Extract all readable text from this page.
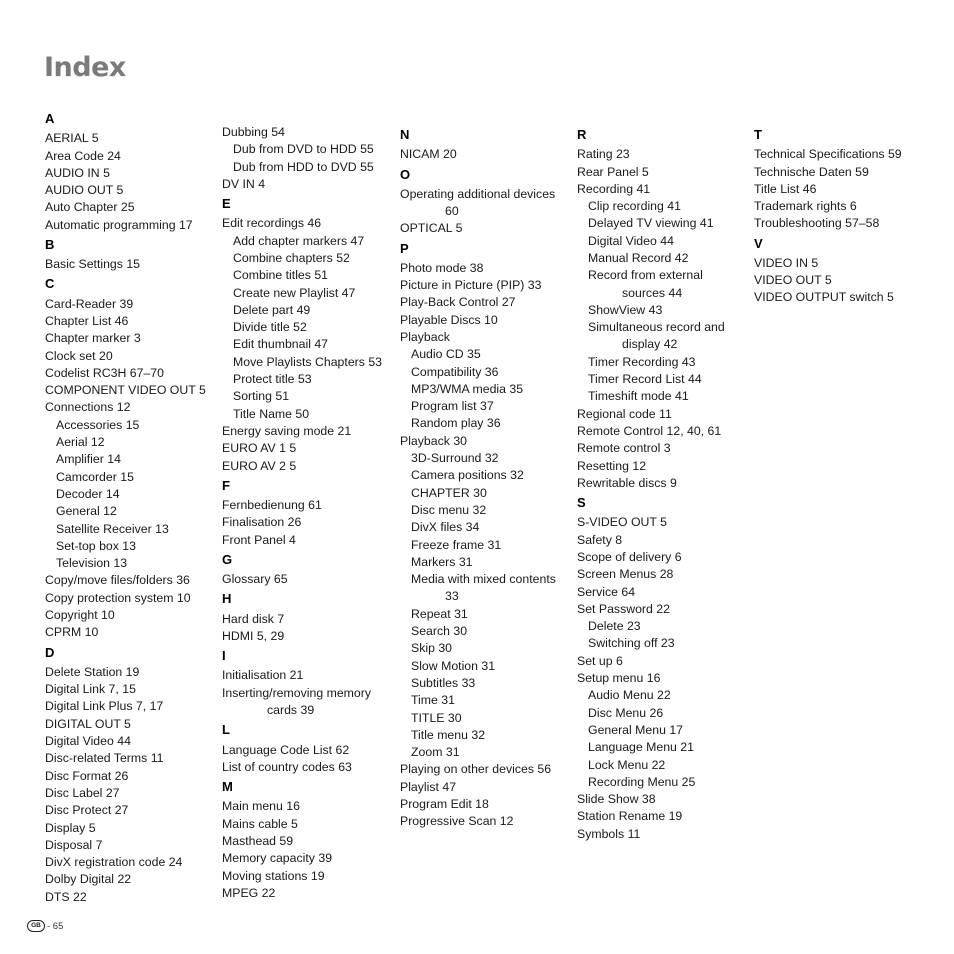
Index
A
AERIAL 5
Area Code 24
AUDIO IN 5
AUDIO OUT 5
Auto Chapter 25
Automatic programming 17
B
Basic Settings 15
C
Card-Reader 39
Chapter List 46
Chapter marker 3
Clock set 20
Codelist RC3H 67–70
COMPONENT VIDEO OUT 5
Connections 12
Accessories 15
Aerial 12
Amplifier 14
Camcorder 15
Decoder 14
General 12
Satellite Receiver 13
Set-top box 13
Television 13
Copy/move files/folders 36
Copy protection system 10
Copyright 10
CPRM 10
D
Delete Station 19
Digital Link 7, 15
Digital Link Plus 7, 17
DIGITAL OUT 5
Digital Video 44
Disc-related Terms 11
Disc Format 26
Disc Label 27
Disc Protect 27
Display 5
Disposal 7
DivX registration code 24
Dolby Digital 22
DTS 22
Dubbing 54
Dub from DVD to HDD 55
Dub from HDD to DVD 55
DV IN 4
E
Edit recordings 46
Add chapter markers 47
Combine chapters 52
Combine titles 51
Create new Playlist 47
Delete part 49
Divide title 52
Edit thumbnail 47
Move Playlists Chapters 53
Protect title 53
Sorting 51
Title Name 50
Energy saving mode 21
EURO AV 1 5
EURO AV 2 5
F
Fernbedienung 61
Finalisation 26
Front Panel 4
G
Glossary 65
H
Hard disk 7
HDMI 5, 29
I
Initialisation 21
Inserting/removing memory
cards 39
L
Language Code List 62
List of country codes 63
M
Main menu 16
Mains cable 5
Masthead 59
Memory capacity 39
Moving stations 19
MPEG 22
N
NICAM 20
O
Operating additional devices
60
OPTICAL 5
P
Photo mode 38
Picture in Picture (PIP) 33
Play-Back Control 27
Playable Discs 10
Playback
Audio CD 35
Compatibility 36
MP3/WMA media 35
Program list 37
Random play 36
Playback 30
3D-Surround 32
Camera positions 32
CHAPTER 30
Disc menu 32
DivX files 34
Freeze frame 31
Markers 31
Media with mixed contents
33
Repeat 31
Search 30
Skip 30
Slow Motion 31
Subtitles 33
Time 31
TITLE 30
Title menu 32
Zoom 31
Playing on other devices 56
Playlist 47
Program Edit 18
Progressive Scan 12
R
Rating 23
Rear Panel 5
Recording 41
Clip recording 41
Delayed TV viewing 41
Digital Video 44
Manual Record 42
Record from external
sources 44
ShowView 43
Simultaneous record and
display 42
Timer Recording 43
Timer Record List 44
Timeshift mode 41
Regional code 11
Remote Control 12, 40, 61
Remote control 3
Resetting 12
Rewritable discs 9
S
S-VIDEO OUT 5
Safety 8
Scope of delivery 6
Screen Menus 28
Service 64
Set Password 22
Delete 23
Switching off 23
Set up 6
Setup menu 16
Audio Menu 22
Disc Menu 26
General Menu 17
Language Menu 21
Lock Menu 22
Recording Menu 25
Slide Show 38
Station Rename 19
Symbols 11
T
Technical Specifications 59
Technische Daten 59
Title List 46
Trademark rights 6
Troubleshooting 57–58
V
VIDEO IN 5
VIDEO OUT 5
VIDEO OUTPUT switch 5
GB - 65
